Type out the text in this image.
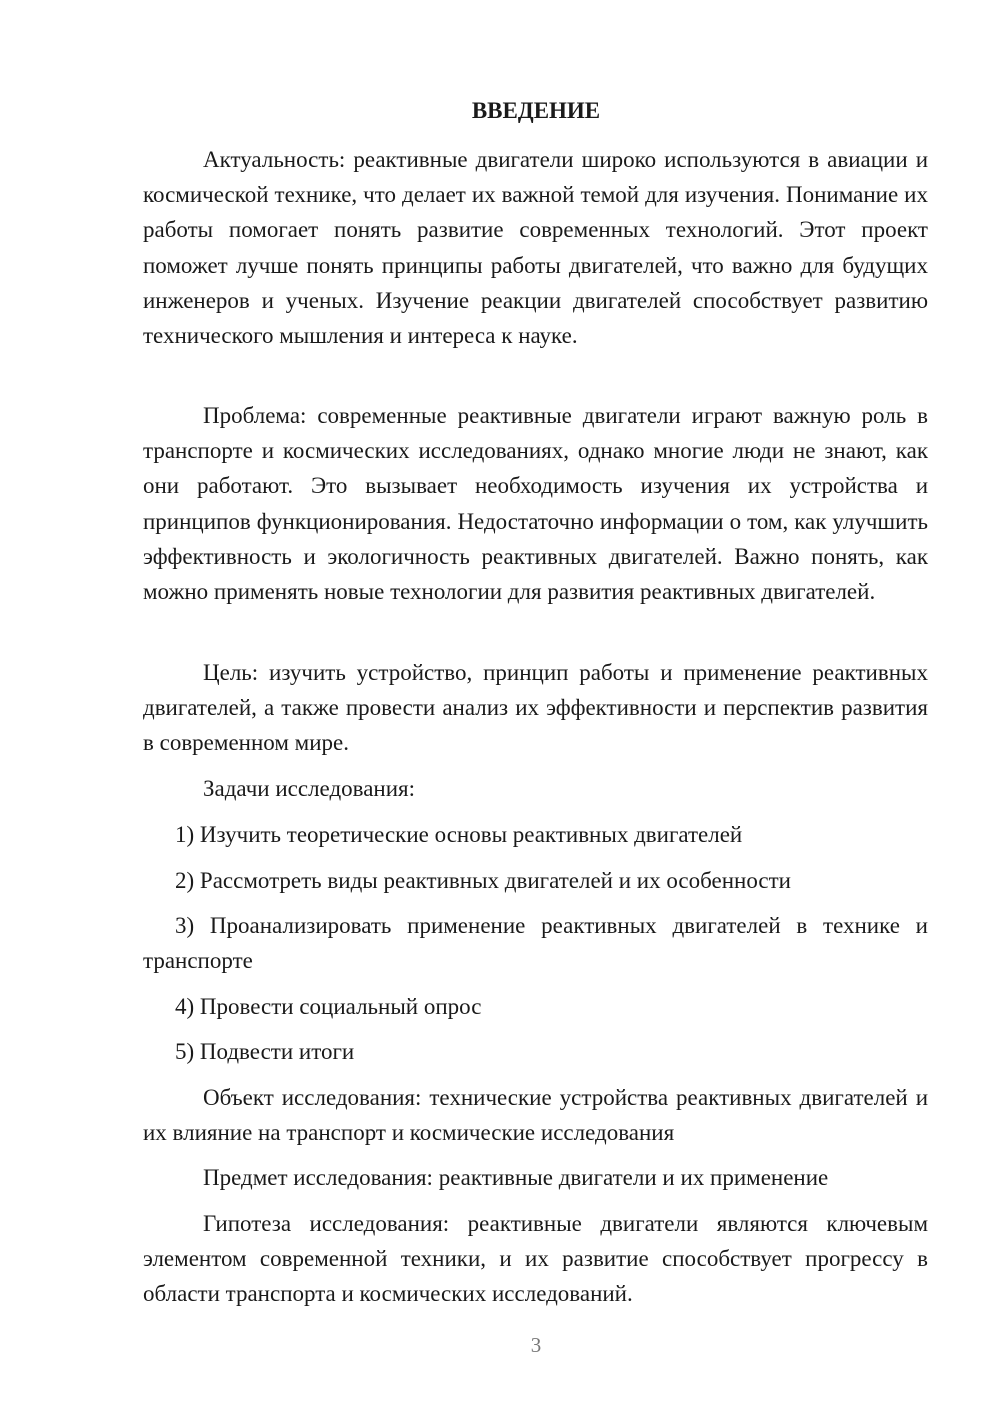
ВВЕДЕНИЕ

Актуальность: реактивные двигатели широко используются в авиации и космической технике, что делает их важной темой для изучения. Понимание их работы помогает понять развитие современных технологий. Этот проект поможет лучше понять принципы работы двигателей, что важно для будущих инженеров и ученых. Изучение реакции двигателей способствует развитию технического мышления и интереса к науке.

Проблема: современные реактивные двигатели играют важную роль в транспорте и космических исследованиях, однако многие люди не знают, как они работают. Это вызывает необходимость изучения их устройства и принципов функционирования. Недостаточно информации о том, как улучшить эффективность и экологичность реактивных двигателей. Важно понять, как можно применять новые технологии для развития реактивных двигателей.

Цель: изучить устройство, принцип работы и применение реактивных двигателей, а также провести анализ их эффективности и перспектив развития в современном мире.

Задачи исследования:

1) Изучить теоретические основы реактивных двигателей

2) Рассмотреть виды реактивных двигателей и их особенности

3) Проанализировать применение реактивных двигателей в технике и транспорте

4) Провести социальный опрос

5) Подвести итоги

Объект исследования: технические устройства реактивных двигателей и их влияние на транспорт и космические исследования

Предмет исследования: реактивные двигатели и их применение

Гипотеза исследования: реактивные двигатели являются ключевым элементом современной техники, и их развитие способствует прогрессу в области транспорта и космических исследований.

3
